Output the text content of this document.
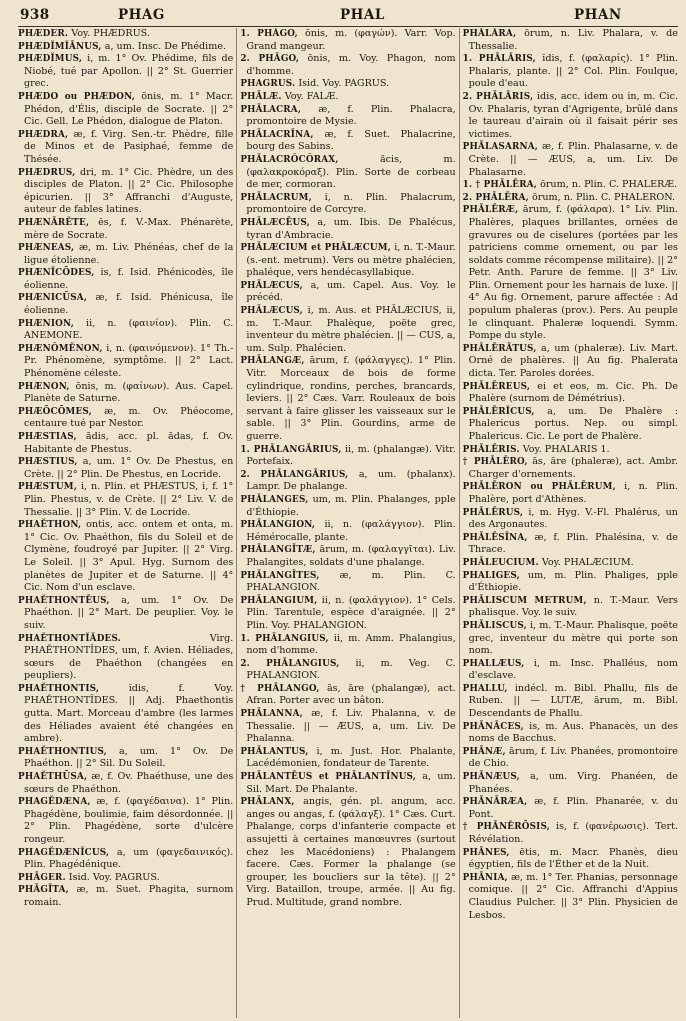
938	PHAG	PHAL	PHAN

PHÆDER. Voy. PHÆDRUS.

PHÆDĬMĬĀNUS, a, um. Insc. De Phédime.

PHÆDĬMUS, i, m. 1° Ov. Phédime, fils de Niobé, tué par Apollon. || 2° St. Guerrier grec.

PHÆDO ou PHÆDON, ōnis, m. 1° Macr. Phédon, d'Élis, disciple de Socrate. || 2° Cic. Gell. Le Phédon, dialogue de Platon.

PHÆDRA, æ, f. Virg. Sen.-tr. Phèdre, fille de Minos et de Pasiphaé, femme de Thésée.

PHÆDRUS, dri, m. 1° Cic. Phèdre, un des disciples de Platon. || 2° Cic. Philosophe épicurien. || 3° Affranchi d'Auguste, auteur de fables latines.

PHÆNĀRĔTE, ēs, f. V.-Max. Phénarète, mère de Socrate.

PHÆNEAS, æ, m. Liv. Phénéas, chef de la ligue étolienne.

PHÆNĪCŌDES, is, f. Isid. Phénicodès, île éolienne.

PHÆNICŪSA, æ, f. Isid. Phénicusa, île éolienne.

PHÆNION, ii, n. (φαινίον). Plin. C. ANEMONE.

PHÆNŎMĔNON, i, n. (φαινόμενον). 1° Th.-Pr. Phénomène, symptôme. || 2° Lact. Phénomène céleste.

PHÆNON, ōnis, m. (φαίνων). Aus. Capel. Planète de Saturne.

PHÆŌCŌMES, æ, m. Ov. Phéocome, centaure tué par Nestor.

PHÆSTIAS, ădis, acc. pl. ădas, f. Ov. Habitante de Phestus.

PHÆSTIUS, a, um. 1° Ov. De Phestus, en Crète. || 2° Plin. De Phestus, en Locride.

PHÆSTUM, i, n. Plin. et PHÆSTUS, i, f. 1° Plin. Phestus, v. de Crète. || 2° Liv. V. de Thessalie. || 3° Plin. V. de Locride.

PHAĔTHON, ontis, acc. ontem et onta, m. 1° Cic. Ov. Phaéthon, fils du Soleil et de Clymène, foudroyé par Jupiter. || 2° Virg. Le Soleil. || 3° Apul. Hyg. Surnom des planètes de Jupiter et de Saturne. || 4° Cic. Nom d'un esclave.

PHAĔTHONTĒUS, a, um. 1° Ov. De Phaéthon. || 2° Mart. De peuplier. Voy. le suiv.

PHAĔTHONTĬĂDES. Virg. PHAĔTHONTĪDES, um, f. Avien. Héliades, sœurs de Phaéthon (changées en peupliers).

PHAĔTHONTIS, ĭdis, f. Voy. PHAĔTHONTĪDES. || Adj. Phaethontis gutta. Mart. Morceau d'ambre (les larmes des Héliades avaient été changées en ambre).

PHAĔTHONTIUS, a, um. 1° Ov. De Phaéthon. || 2° Sil. Du Soleil.

PHAĔTHŪSA, æ, f. Ov. Phaéthuse, une des sœurs de Phaéthon.

PHAGĔDÆNA, æ, f. (φαγέδαινα). 1° Plin. Phagédène, boulimie, faim désordonnée. || 2° Plin. Phagédène, sorte d'ulcère rongeur.

PHAGĔDÆNĬCUS, a, um (φαγεδαινικός). Plin. Phagédénique.

PHĀGER. Isid. Voy. PAGRUS.

PHĀGĪTA, æ, m. Suet. Phagita, surnom romain.

1. PHĀGO, ōnis, m. (φαγών). Varr. Vop. Grand mangeur.

2. PHĀGO, ōnis, m. Voy. Phagon, nom d'homme.

PHAGRUS. Isid. Voy. PAGRUS.

PHĀLÆ. Voy. FALÆ.

PHĀLACRA, æ, f. Plin. Phalacra, promontoire de Mysie.

PHĀLACRĪNA, æ, f. Suet. Phalacrine, bourg des Sabins.

PHĀLACRŎCŎRAX, ăcis, m. (φαλακροκόραξ). Plin. Sorte de corbeau de mer, cormoran.

PHĀLACRUM, i, n. Plin. Phalacrum, promontoire de Corcyre.

PHĀLÆCĒUS, a, um. Ibis. De Phalécus, tyran d'Ambracie.

PHĀLÆCIUM et PHĀLÆCUM, i, n. T.-Maur. (s.-ent. metrum). Vers ou mètre phalécien, phaléque, vers hendécasyllabique.

PHĀLÆCUS, a, um. Capel. Aus. Voy. le précéd.

PHĀLÆCUS, i, m. Aus. et PHĀLÆCIUS, ii, m. T.-Maur. Phalèque, poëte grec, inventeur du mètre phalécien. || — CUS, a, um. Sulp. Phalécien.

PHĀLANGÆ, ārum, f. (φάλαγγες). 1° Plin. Vitr. Morceaux de bois de forme cylindrique, rondins, perches, brancards, leviers. || 2° Cæs. Varr. Rouleaux de bois servant à faire glisser les vaisseaux sur le sable. || 3° Plin. Gourdins, arme de guerre.

1. PHĀLANGĀRIUS, ii, m. (phalangæ). Vitr. Portefaix.

2. PHĀLANGĀRIUS, a, um. (phalanx). Lampr. De phalange.

PHĀLANGES, um, m. Plin. Phalanges, pple d'Éthiopie.

PHĀLANGION, ii, n. (φαλάγγιον). Plin. Hémérocalle, plante.

PHĀLANGĪTÆ, ārum, m. (φαλαγγῖται). Liv. Phalangites, soldats d'une phalange.

PHĀLANGĪTES, æ, m. Plin. C. PHALANGION.

PHĀLANGIUM, ii, n. (φαλάγγιον). 1° Cels. Plin. Tarentule, espèce d'araignée. || 2° Plin. Voy. PHALANGION.

1. PHĀLANGIUS, ii, m. Amm. Phalangius, nom d'homme.

2. PHĀLANGIUS, ii, m. Veg. C. PHALANGION.

† PHĀLANGO, ās, āre (phalangæ), act. Afran. Porter avec un bâton.

PHĀLANNA, æ, f. Liv. Phalanna, v. de Thessalie. || — ÆUS, a, um. Liv. De Phalanna.

PHĀLANTUS, i, m. Just. Hor. Phalante, Lacédémonien, fondateur de Tarente.

PHĀLANTĒUS et PHĀLANTĪNUS, a, um. Sil. Mart. De Phalante.

PHĀLANX, angis, gén. pl. angum, acc. anges ou angas, f. (φάλαγξ). 1° Cæs. Curt. Phalange, corps d'infanterie compacte et assujetti à certaines manœuvres (surtout chez les Macédoniens) : Phalangem facere. Cæs. Former la phalange (se grouper, les boucliers sur la tête). || 2° Virg. Bataillon, troupe, armée. || Au fig. Prud. Multitude, grand nombre.

PHĀLĀRA, ōrum, n. Liv. Phalara, v. de Thessalie.

1. PHĀLĀRIS, ĭdis, f. (φαλαρίς). 1° Plin. Phalaris, plante. || 2° Col. Plin. Foulque, poule d'eau.

2. PHĀLĀRIS, ĭdis, acc. idem ou in, m. Cic. Ov. Phalaris, tyran d'Agrigente, brûlé dans le taureau d'airain où il faisait périr ses victimes.

PHĀLASARNA, æ, f. Plin. Phalasarne, v. de Crète. || — ÆUS, a, um. Liv. De Phalasarne.

1. † PHĀLĒRA, ōrum, n. Plin. C. PHALERÆ.

2. PHĀLĒRA, ōrum, n. Plin. C. PHALERON.

PHĀLĒRÆ, ārum, f. (φάλαρα). 1° Liv. Plin. Phalères, plaques brillantes, ornées de gravures ou de ciselures (portées par les patriciens comme ornement, ou par les soldats comme récompense militaire). || 2° Petr. Anth. Parure de femme. || 3° Liv. Plin. Ornement pour les harnais de luxe. || 4° Au fig. Ornement, parure affectée : Ad populum phaleras (prov.). Pers. Au peuple le clinquant. Phaleræ loquendi. Symm. Pompe du style.

PHĀLĒRĀTUS, a, um (phaleræ). Liv. Mart. Orné de phalères. || Au fig. Phalerata dicta. Ter. Paroles dorées.

PHĀLĒREUS, ei et eos, m. Cic. Ph. De Phalère (surnom de Démétrius).

PHĀLĒRĬCUS, a, um. De Phalère : Phalericus portus. Nep. ou simpl. Phalericus. Cic. Le port de Phalère.

PHĀLĒRIS. Voy. PHALARIS 1.

† PHĀLĒRO, ās, āre (phaleræ), act. Ambr. Charger d'ornements.

PHĀLĒRON ou PHĀLĒRUM, i, n. Plin. Phalère, port d'Athènes.

PHĀLĒRUS, i, m. Hyg. V.-Fl. Phalérus, un des Argonautes.

PHĀLĒSĪNA, æ, f. Plin. Phalésina, v. de Thrace.

PHĀLEUCIUM. Voy. PHALÆCIUM.

PHALIGES, um, m. Plin. Phaliges, pple d'Éthiopie.

PHĀLISCUM METRUM, n. T.-Maur. Vers phalisque. Voy. le suiv.

PHĀLISCUS, i, m. T.-Maur. Phalisque, poëte grec, inventeur du mètre qui porte son nom.

PHALLÆUS, i, m. Insc. Phalléus, nom d'esclave.

PHALLU, indécl. m. Bibl. Phallu, fils de Ruben. || — LUTÆ, ārum, m. Bibl. Descendants de Phallu.

PHĀNĀCES, is, m. Aus. Phanacès, un des noms de Bacchus.

PHĀNÆ, ārum, f. Liv. Phanées, promontoire de Chio.

PHĀNÆUS, a, um. Virg. Phanéen, de Phanées.

PHĀNĀRÆA, æ, f. Plin. Phanarée, v. du Pont.

† PHĀNĔRŌSIS, is, f. (φανέρωσις). Tert. Révélation.

PHĀNES, ētis, m. Macr. Phanès, dieu égyptien, fils de l'Éther et de la Nuit.

PHĀNIA, æ, m. 1° Ter. Phanias, personnage comique. || 2° Cic. Affranchi d'Appius Claudius Pulcher. || 3° Plin. Physicien de Lesbos.
